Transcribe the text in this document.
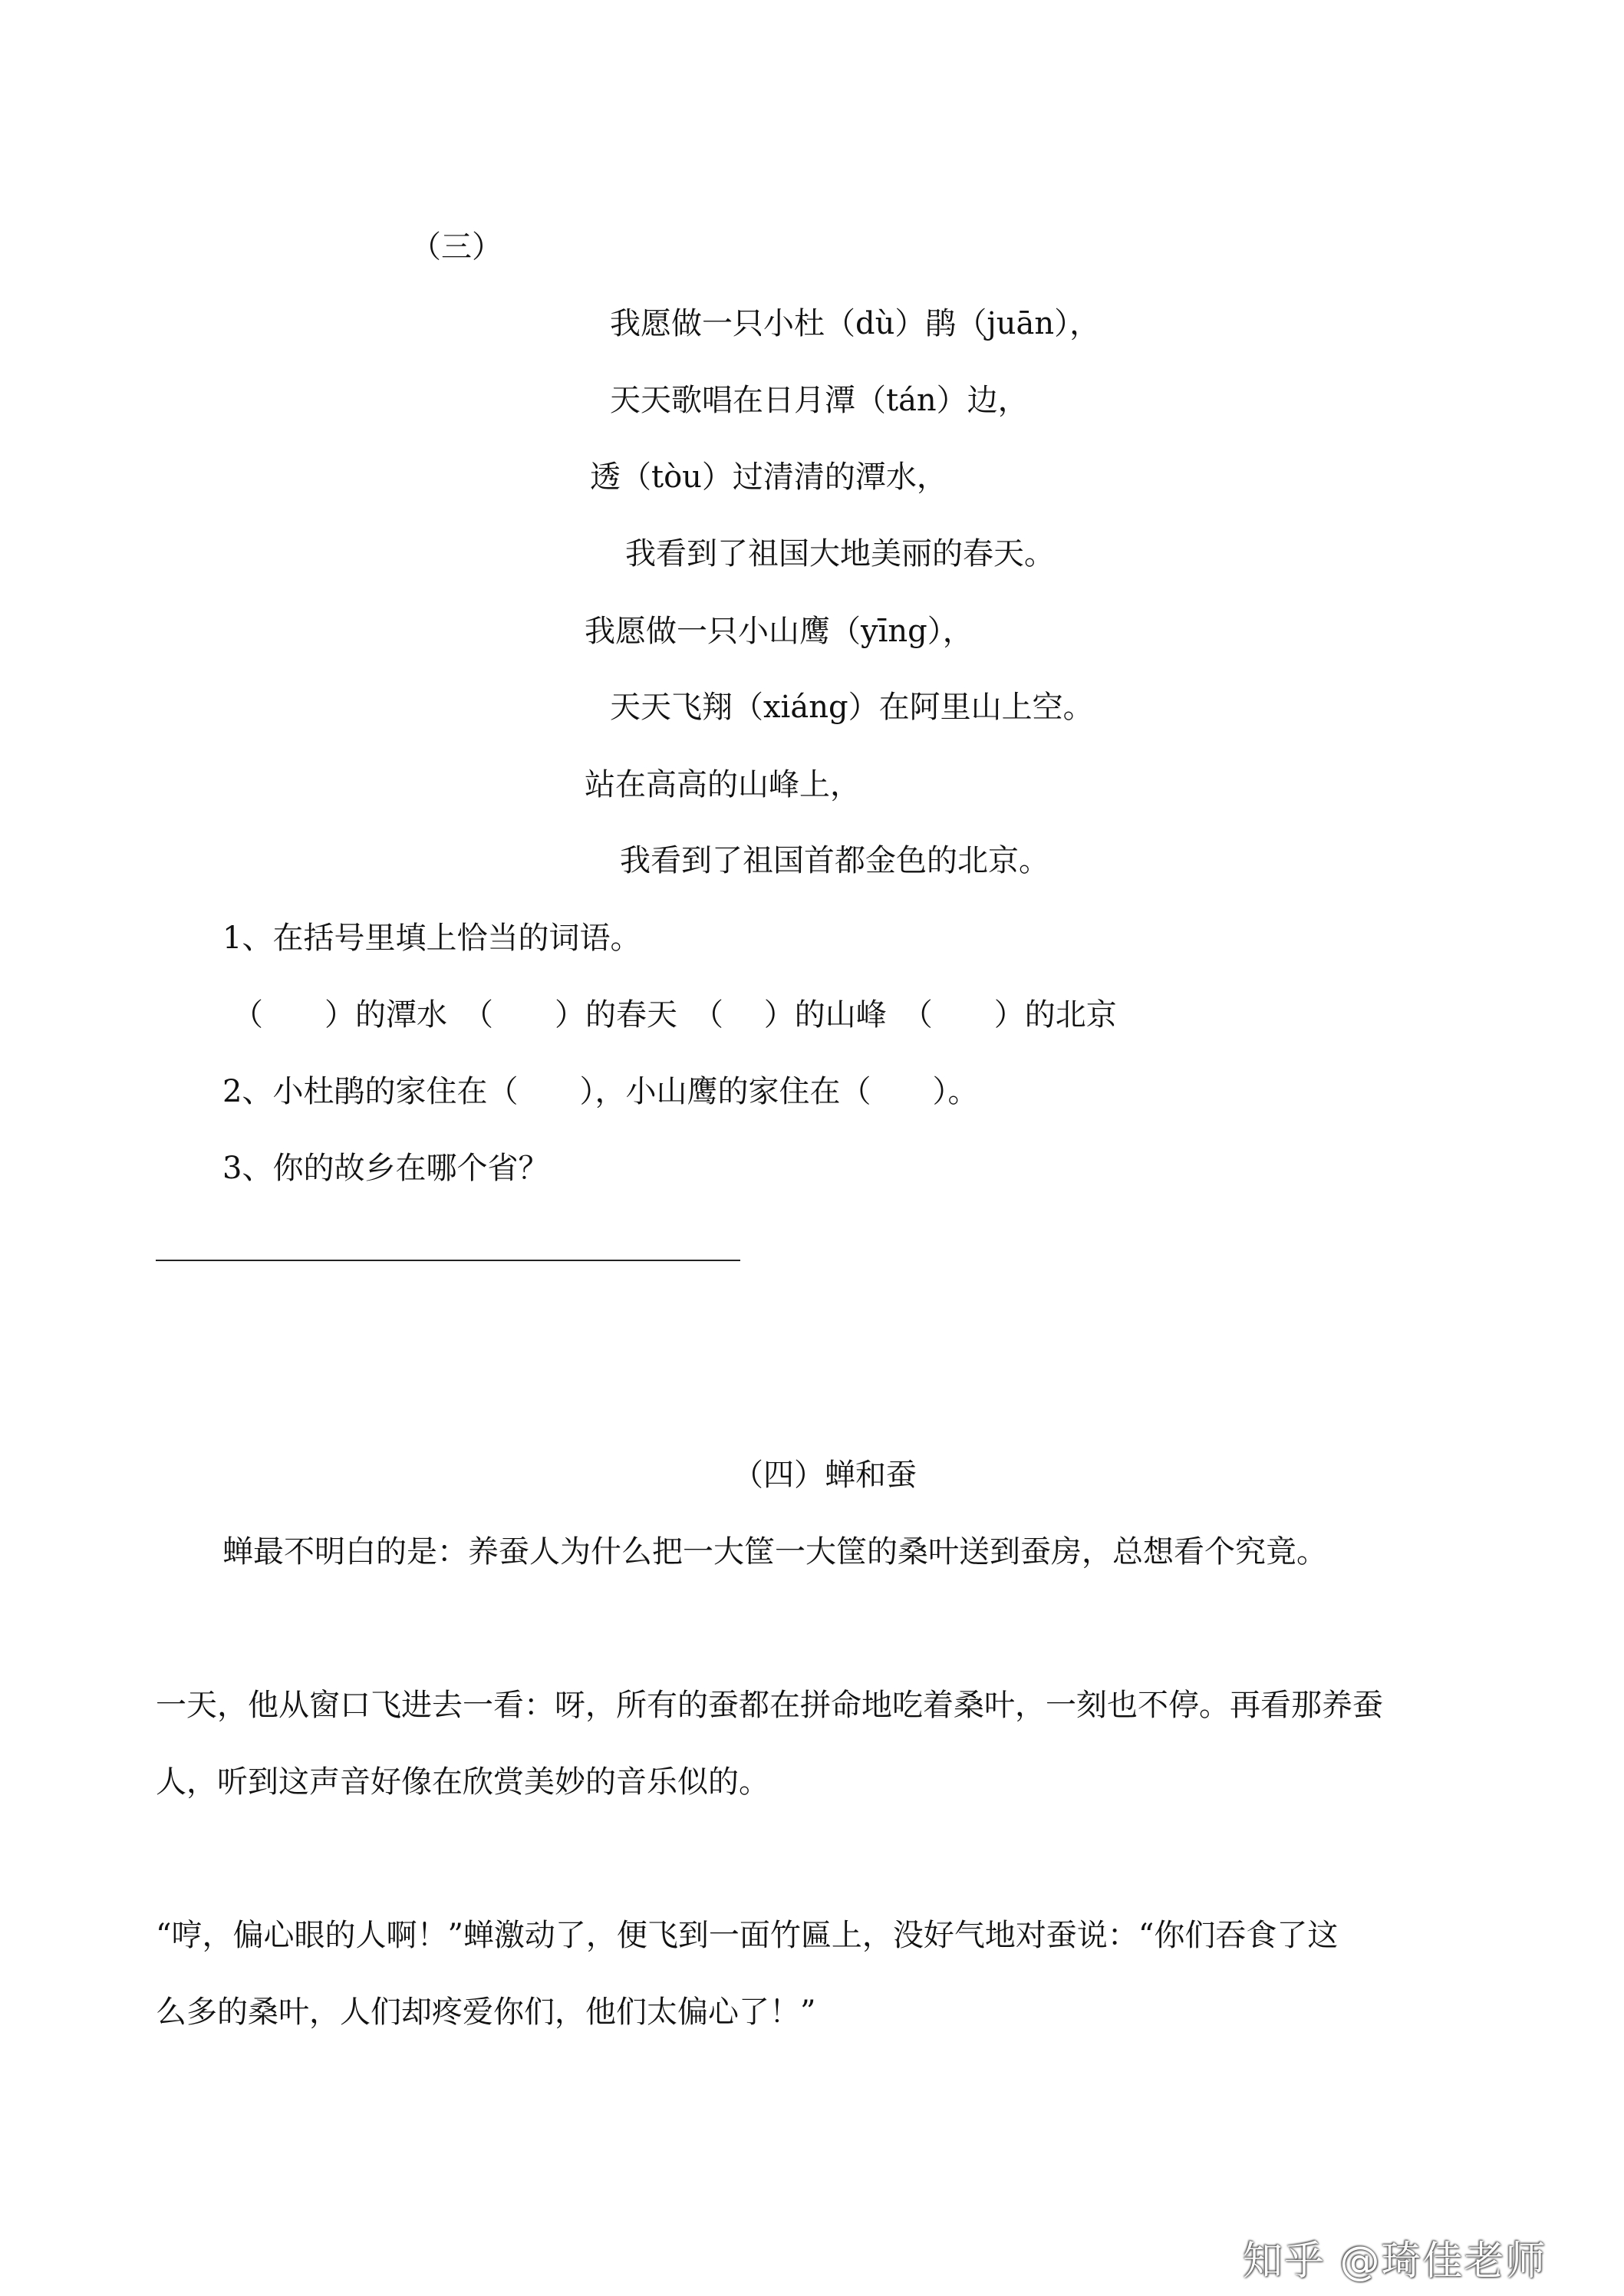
（三）
我愿做一只小杜（dù）鹃（juān），
天天歌唱在日月潭（tán）边，
透（tòu）过清清的潭水，
我看到了祖国大地美丽的春天。
我愿做一只小山鹰（yīng），
天天飞翔（xiáng）在阿里山上空。
站在高高的山峰上，
我看到了祖国首都金色的北京。
1、在括号里填上恰当的词语。
（　　）的潭水　（　　）的春天　（　 ）的山峰　（　　）的北京
2、小杜鹃的家住在（　　），小山鹰的家住在（　　）。
3、你的故乡在哪个省？
（四）蝉和蚕
蝉最不明白的是：养蚕人为什么把一大筐一大筐的桑叶送到蚕房，总想看个究竟。
一天，他从窗口飞进去一看：呀，所有的蚕都在拼命地吃着桑叶，一刻也不停。再看那养蚕
人，听到这声音好像在欣赏美妙的音乐似的。
“哼，偏心眼的人啊！”蝉激动了，便飞到一面竹匾上，没好气地对蚕说：“你们吞食了这
么多的桑叶，人们却疼爱你们，他们太偏心了！”
知乎 @琦佳老师
